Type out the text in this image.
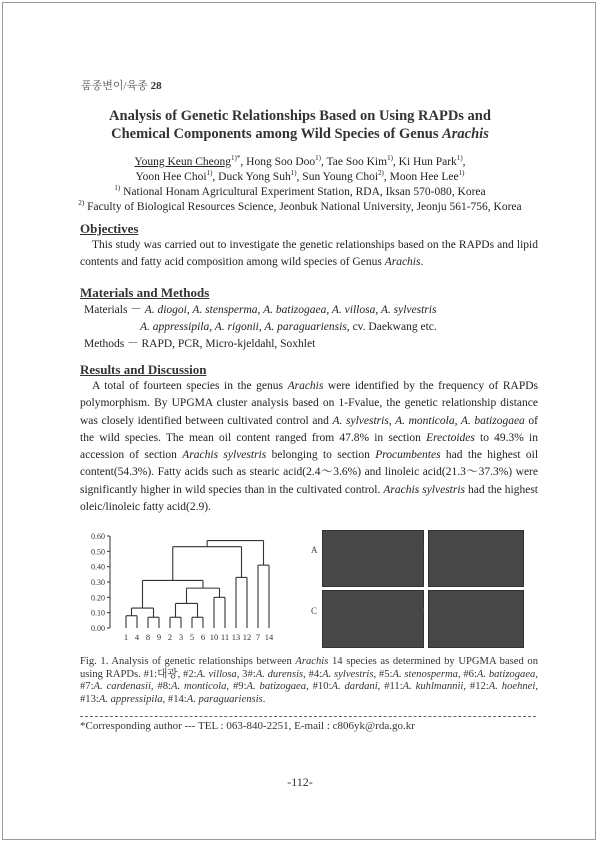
품종변이/육종 28
Analysis of Genetic Relationships Based on Using RAPDs and
Chemical Components among Wild Species of Genus Arachis
Young Keun Cheong$^{1)*}$, Hong Soo Doo$^{1)}$, Tae Soo Kim$^{1)}$, Ki Hun Park$^{1)}$,
Yoon Hee Choi$^{1)}$, Duck Yong Suh$^{1)}$, Sun Young Choi$^{2)}$, Moon Hee Lee$^{1)}$
$^{1)}$ National Honam Agricultural Experiment Station, RDA, Iksan 570-080, Korea
$^{2)}$ Faculty of Biological Resources Science, Jeonbuk National University, Jeonju 561-756, Korea
Objectives
This study was carried out to investigate the genetic relationships based on the RAPDs and lipid contents and fatty acid composition among wild species of Genus Arachis.
Materials and Methods
Materials － A. diogoi, A. stensperma, A. batizogaea, A. villosa, A. sylvestris
A. appressipila, A. rigonii, A. paraguariensis, cv. Daekwang etc.
Methods － RAPD, PCR, Micro-kjeldahl, Soxhlet
Results and Discussion
A total of fourteen species in the genus Arachis were identified by the frequency of RAPDs polymorphism. By UPGMA cluster analysis based on 1-Fvalue, the genetic relationship distance was closely identified between cultivated control and A. sylvestris, A. monticola, A. batizogaea of the wild species. The mean oil content ranged from 47.8% in section Erectoides to 49.3% in accession of section Arachis sylvestris belonging to section Procumbentes had the highest oil content(54.3%). Fatty acids such as stearic acid(2.4～3.6%) and linoleic acid(21.3～37.3%) were significantly higher in wild species than in the cultivated control. Arachis sylvestris had the highest oleic/linoleic fatty acid(2.9).
0.00
0.10
0.20
0.30
0.40
0.50
0.60
1 4 8 9 2 3 5 6 10 11 13 12 7 14
A	B
C	D
Fig. 1. Analysis of genetic relationships between Arachis 14 species as determined by UPGMA based on using RAPDs. #1:대광, #2:A. villosa, 3#:A. durensis, #4:A. sylvestris, #5:A. stenosperma, #6:A. batizogaea, #7:A. cardenasii, #8:A. monticola, #9:A. batizogaea, #10:A. dardani, #11:A. kuhlmannii, #12:A. hoehnei, #13:A. appressipila, #14:A. paraguariensis.
*Corresponding author --- TEL : 063-840-2251, E-mail : c806yk@rda.go.kr
-112-
